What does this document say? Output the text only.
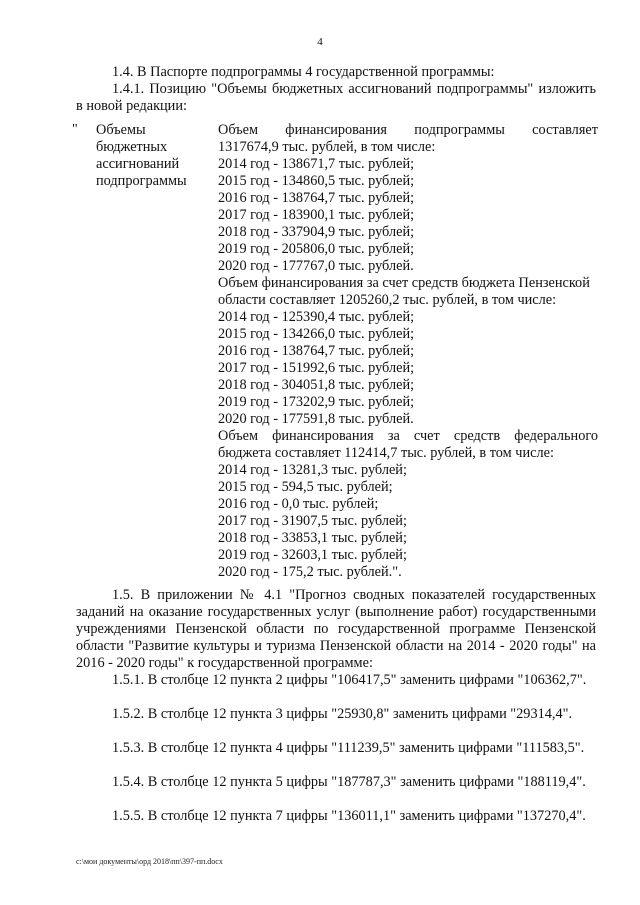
4

1.4. В Паспорте подпрограммы 4 государственной программы:

1.4.1. Позицию "Объемы бюджетных ассигнований подпрограммы" изложить в новой редакции:

" Объемы
бюджетных
ассигнований
подпрограммы
Объем финансирования подпрограммы составляет
1317674,9 тыс. рублей, в том числе:
2014 год - 138671,7 тыс. рублей;
2015 год - 134860,5 тыс. рублей;
2016 год - 138764,7 тыс. рублей;
2017 год - 183900,1 тыс. рублей;
2018 год - 337904,9 тыс. рублей;
2019 год - 205806,0 тыс. рублей;
2020 год - 177767,0 тыс. рублей.
Объем финансирования за счет средств бюджета Пензенской
области составляет 1205260,2 тыс. рублей, в том числе:
2014 год - 125390,4 тыс. рублей;
2015 год - 134266,0 тыс. рублей;
2016 год - 138764,7 тыс. рублей;
2017 год - 151992,6 тыс. рублей;
2018 год - 304051,8 тыс. рублей;
2019 год - 173202,9 тыс. рублей;
2020 год - 177591,8 тыс. рублей.
Объем финансирования за счет средств федерального
бюджета составляет 112414,7 тыс. рублей, в том числе:
2014 год - 13281,3 тыс. рублей;
2015 год - 594,5 тыс. рублей;
2016 год - 0,0 тыс. рублей;
2017 год - 31907,5 тыс. рублей;
2018 год - 33853,1 тыс. рублей;
2019 год - 32603,1 тыс. рублей;
2020 год - 175,2 тыс. рублей.".

1.5. В приложении № 4.1 "Прогноз сводных показателей государственных заданий на оказание государственных услуг (выполнение работ) государственными учреждениями Пензенской области по государственной программе Пензенской области "Развитие культуры и туризма Пензенской области на 2014 - 2020 годы" на 2016 - 2020 годы" к государственной программе:

1.5.1. В столбце 12 пункта 2 цифры "106417,5" заменить цифрами "106362,7".

1.5.2. В столбце 12 пункта 3 цифры "25930,8" заменить цифрами "29314,4".

1.5.3. В столбце 12 пункта 4 цифры "111239,5" заменить цифрами "111583,5".

1.5.4. В столбце 12 пункта 5 цифры "187787,3" заменить цифрами "188119,4".

1.5.5. В столбце 12 пункта 7 цифры "136011,1" заменить цифрами "137270,4".

c:\мои документы\орд 2018\пп\397-пп.docx
